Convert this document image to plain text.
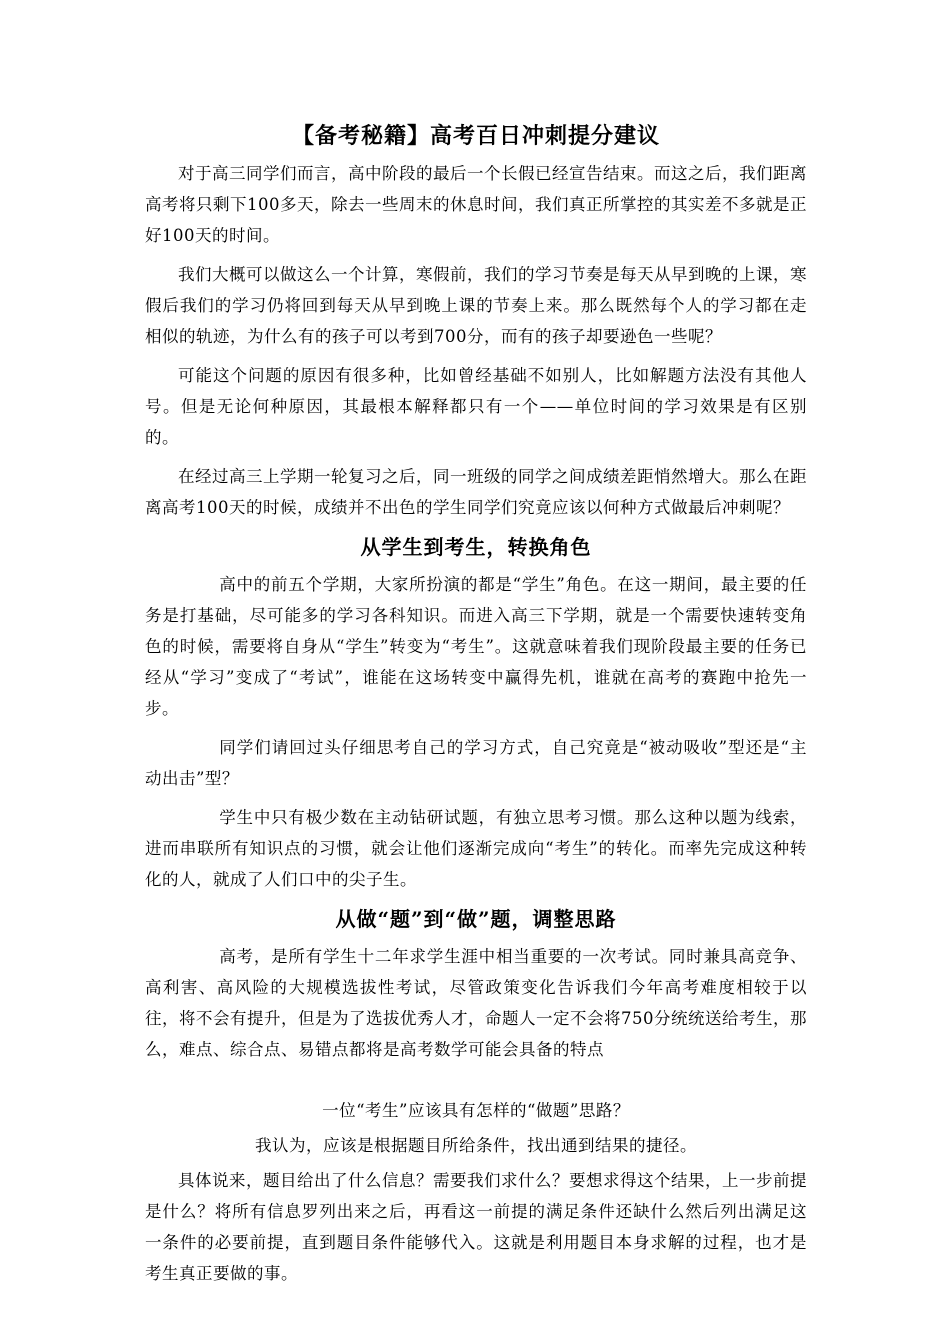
【备考秘籍】高考百日冲刺提分建议

对于高三同学们而言，高中阶段的最后一个长假已经宣告结束。而这之后，我们距离高考将只剩下100多天，除去一些周末的休息时间，我们真正所掌控的其实差不多就是正好100天的时间。

我们大概可以做这么一个计算，寒假前，我们的学习节奏是每天从早到晚的上课，寒假后我们的学习仍将回到每天从早到晚上课的节奏上来。那么既然每个人的学习都在走相似的轨迹，为什么有的孩子可以考到700分，而有的孩子却要逊色一些呢？

可能这个问题的原因有很多种，比如曾经基础不如别人，比如解题方法没有其他人号。但是无论何种原因，其最根本解释都只有一个——单位时间的学习效果是有区别的。

在经过高三上学期一轮复习之后，同一班级的同学之间成绩差距悄然增大。那么在距离高考100天的时候，成绩并不出色的学生同学们究竟应该以何种方式做最后冲刺呢？

从学生到考生，转换角色

高中的前五个学期，大家所扮演的都是“学生”角色。在这一期间，最主要的任务是打基础，尽可能多的学习各科知识。而进入高三下学期，就是一个需要快速转变角色的时候，需要将自身从“学生”转变为“考生”。这就意味着我们现阶段最主要的任务已经从“学习”变成了“考试”，谁能在这场转变中赢得先机，谁就在高考的赛跑中抢先一步。

同学们请回过头仔细思考自己的学习方式，自己究竟是“被动吸收”型还是“主动出击”型？

学生中只有极少数在主动钻研试题，有独立思考习惯。那么这种以题为线索，进而串联所有知识点的习惯，就会让他们逐渐完成向“考生”的转化。而率先完成这种转化的人，就成了人们口中的尖子生。

从做“题”到“做”题，调整思路

高考，是所有学生十二年求学生涯中相当重要的一次考试。同时兼具高竞争、高利害、高风险的大规模选拔性考试，尽管政策变化告诉我们今年高考难度相较于以往，将不会有提升，但是为了选拔优秀人才，命题人一定不会将750分统统送给考生，那么，难点、综合点、易错点都将是高考数学可能会具备的特点

一位“考生”应该具有怎样的“做题”思路？

我认为，应该是根据题目所给条件，找出通到结果的捷径。

具体说来，题目给出了什么信息？需要我们求什么？要想求得这个结果，上一步前提是什么？将所有信息罗列出来之后，再看这一前提的满足条件还缺什么然后列出满足这一条件的必要前提，直到题目条件能够代入。这就是利用题目本身求解的过程，也才是考生真正要做的事。
